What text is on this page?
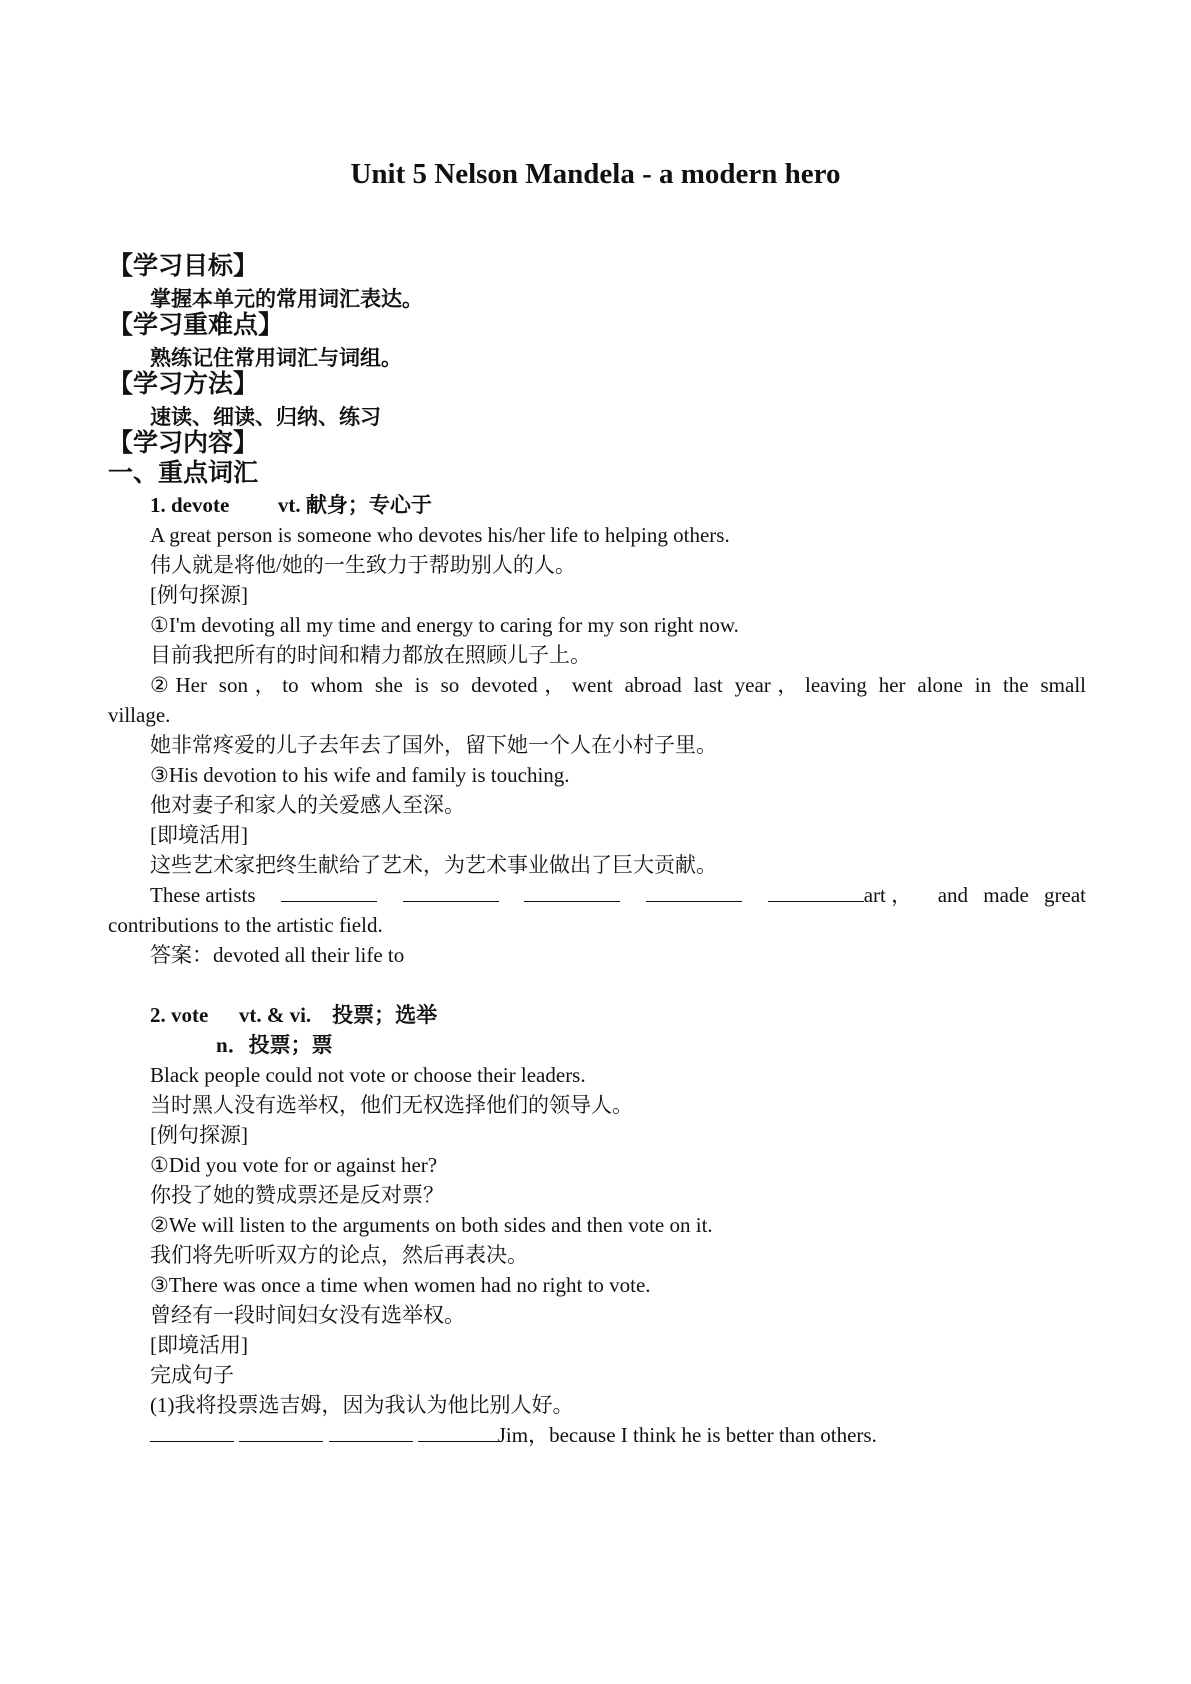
Unit 5 Nelson Mandela - a modern hero
【学习目标】
掌握本单元的常用词汇表达。
【学习重难点】
熟练记住常用词汇与词组。
【学习方法】
速读、细读、归纳、练习
【学习内容】
一、重点词汇
1. devote vt. 献身；专心于
A great person is someone who devotes his/her life to helping others.
伟人就是将他/她的一生致力于帮助别人的人。
[例句探源]
①I'm devoting all my time and energy to caring for my son right now.
目前我把所有的时间和精力都放在照顾儿子上。
②Her son，to whom she is so devoted，went abroad last year，leaving her alone in the small
village.
她非常疼爱的儿子去年去了国外，留下她一个人在小村子里。
③His devotion to his wife and family is touching.
他对妻子和家人的关爱感人至深。
[即境活用]
这些艺术家把终生献给了艺术，为艺术事业做出了巨大贡献。
These artists	art ， and made great
contributions to the artistic field.
答案：devoted all their life to
2. vote vt. & vi.　投票；选举
n．投票；票
Black people could not vote or choose their leaders.
当时黑人没有选举权，他们无权选择他们的领导人。
[例句探源]
①Did you vote for or against her?
你投了她的赞成票还是反对票？
②We will listen to the arguments on both sides and then vote on it.
我们将先听听双方的论点，然后再表决。
③There was once a time when women had no right to vote.
曾经有一段时间妇女没有选举权。
[即境活用]
完成句子
(1)我将投票选吉姆，因为我认为他比别人好。
Jim，because I think he is better than others.
